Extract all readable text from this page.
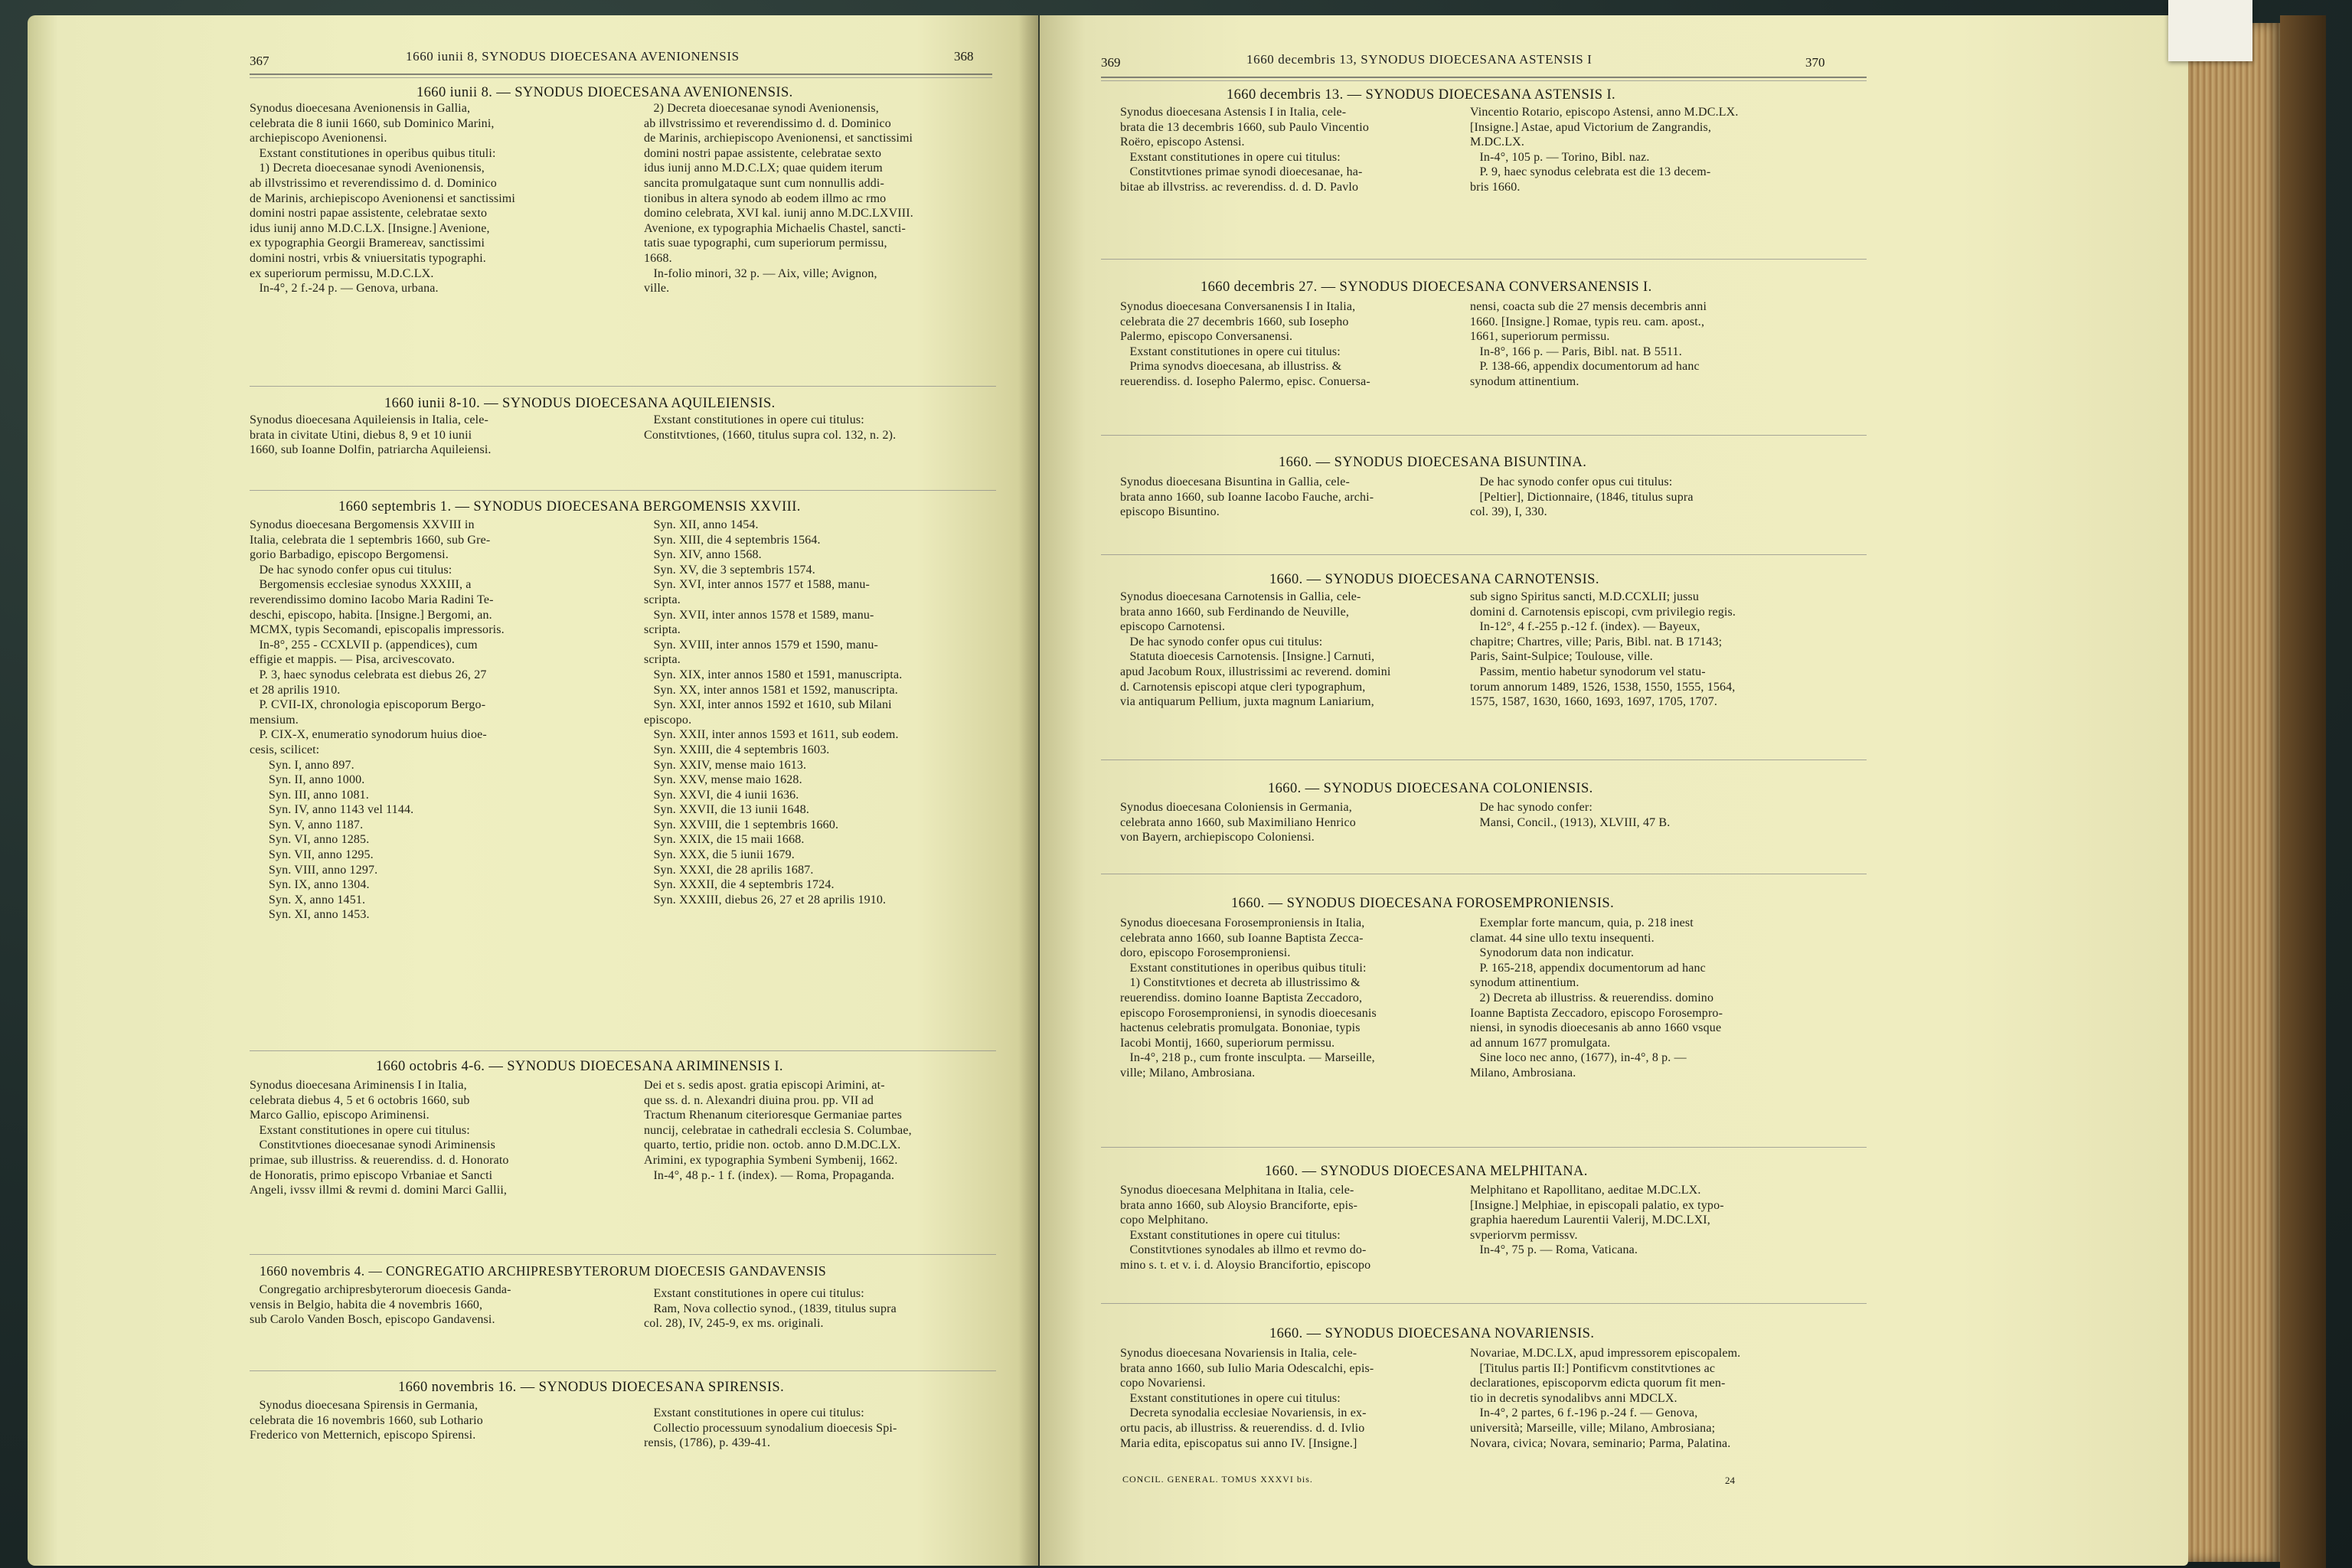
367	1660 iunii 8, SYNODUS DIOECESANA AVENIONENSIS	368
1660 iunii 8. — SYNODUS DIOECESANA AVENIONENSIS.
Synodus dioecesana Avenionensis in Gallia,
celebrata die 8 iunii 1660, sub Dominico Marini,
archiepiscopo Avenionensi.
Exstant constitutiones in operibus quibus tituli:
1) Decreta dioecesanae synodi Avenionensis,
ab illvstrissimo et reverendissimo d. d. Dominico
de Marinis, archiepiscopo Avenionensi et sanctissimi
domini nostri papae assistente, celebratae sexto
idus iunij anno M.D.C.LX. [Insigne.] Avenione,
ex typographia Georgii Bramereav, sanctissimi
domini nostri, vrbis & vniuersitatis typographi.
ex superiorum permissu, M.D.C.LX.
In-4°, 2 f.-24 p. — Genova, urbana.
2) Decreta dioecesanae synodi Avenionensis,
ab illvstrissimo et reverendissimo d. d. Dominico
de Marinis, archiepiscopo Avenionensi, et sanctissimi
domini nostri papae assistente, celebratae sexto
idus iunij anno M.D.C.LX; quae quidem iterum
sancita promulgataque sunt cum nonnullis addi-
tionibus in altera synodo ab eodem illmo ac rmo
domino celebrata, XVI kal. iunij anno M.DC.LXVIII.
Avenione, ex typographia Michaelis Chastel, sancti-
tatis suae typographi, cum superiorum permissu,
1668.
In-folio minori, 32 p. — Aix, ville; Avignon,
ville.
1660 iunii 8-10. — SYNODUS DIOECESANA AQUILEIENSIS.
Synodus dioecesana Aquileiensis in Italia, cele-
brata in civitate Utini, diebus 8, 9 et 10 iunii
1660, sub Ioanne Dolfin, patriarcha Aquileiensi.
Exstant constitutiones in opere cui titulus:
Constitvtiones, (1660, titulus supra col. 132, n. 2).
1660 septembris 1. — SYNODUS DIOECESANA BERGOMENSIS XXVIII.
Synodus dioecesana Bergomensis XXVIII in
Italia, celebrata die 1 septembris 1660, sub Gre-
gorio Barbadigo, episcopo Bergomensi.
De hac synodo confer opus cui titulus:
Bergomensis ecclesiae synodus XXXIII, a
reverendissimo domino Iacobo Maria Radini Te-
deschi, episcopo, habita. [Insigne.] Bergomi, an.
MCMX, typis Secomandi, episcopalis impressoris.
In-8°, 255 - CCXLVII p. (appendices), cum
effigie et mappis. — Pisa, arcivescovato.
P. 3, haec synodus celebrata est diebus 26, 27
et 28 aprilis 1910.
P. CVII-IX, chronologia episcoporum Bergo-
mensium.
P. CIX-X, enumeratio synodorum huius dioe-
cesis, scilicet:
Syn. I, anno 897.
Syn. II, anno 1000.
Syn. III, anno 1081.
Syn. IV, anno 1143 vel 1144.
Syn. V, anno 1187.
Syn. VI, anno 1285.
Syn. VII, anno 1295.
Syn. VIII, anno 1297.
Syn. IX, anno 1304.
Syn. X, anno 1451.
Syn. XI, anno 1453.
Syn. XII, anno 1454.
Syn. XIII, die 4 septembris 1564.
Syn. XIV, anno 1568.
Syn. XV, die 3 septembris 1574.
Syn. XVI, inter annos 1577 et 1588, manu-
scripta.
Syn. XVII, inter annos 1578 et 1589, manu-
scripta.
Syn. XVIII, inter annos 1579 et 1590, manu-
scripta.
Syn. XIX, inter annos 1580 et 1591, manuscripta.
Syn. XX, inter annos 1581 et 1592, manuscripta.
Syn. XXI, inter annos 1592 et 1610, sub Milani
episcopo.
Syn. XXII, inter annos 1593 et 1611, sub eodem.
Syn. XXIII, die 4 septembris 1603.
Syn. XXIV, mense maio 1613.
Syn. XXV, mense maio 1628.
Syn. XXVI, die 4 iunii 1636.
Syn. XXVII, die 13 iunii 1648.
Syn. XXVIII, die 1 septembris 1660.
Syn. XXIX, die 15 maii 1668.
Syn. XXX, die 5 iunii 1679.
Syn. XXXI, die 28 aprilis 1687.
Syn. XXXII, die 4 septembris 1724.
Syn. XXXIII, diebus 26, 27 et 28 aprilis 1910.
1660 octobris 4-6. — SYNODUS DIOECESANA ARIMINENSIS I.
Synodus dioecesana Ariminensis I in Italia,
celebrata diebus 4, 5 et 6 octobris 1660, sub
Marco Gallio, episcopo Ariminensi.
Exstant constitutiones in opere cui titulus:
Constitvtiones dioecesanae synodi Ariminensis
primae, sub illustriss. & reuerendiss. d. d. Honorato
de Honoratis, primo episcopo Vrbaniae et Sancti
Angeli, ivssv illmi & revmi d. domini Marci Gallii,
Dei et s. sedis apost. gratia episcopi Arimini, at-
que ss. d. n. Alexandri diuina prou. pp. VII ad
Tractum Rhenanum citerioresque Germaniae partes
nuncij, celebratae in cathedrali ecclesia S. Columbae,
quarto, tertio, pridie non. octob. anno D.M.DC.LX.
Arimini, ex typographia Symbeni Symbenij, 1662.
In-4°, 48 p.- 1 f. (index). — Roma, Propaganda.
1660 novembris 4. — CONGREGATIO ARCHIPRESBYTERORUM DIOECESIS GANDAVENSIS
Congregatio archipresbyterorum dioecesis Ganda-
vensis in Belgio, habita die 4 novembris 1660,
sub Carolo Vanden Bosch, episcopo Gandavensi.
Exstant constitutiones in opere cui titulus:
Ram, Nova collectio synod., (1839, titulus supra
col. 28), IV, 245-9, ex ms. originali.
1660 novembris 16. — SYNODUS DIOECESANA SPIRENSIS.
Synodus dioecesana Spirensis in Germania,
celebrata die 16 novembris 1660, sub Lothario
Frederico von Metternich, episcopo Spirensi.
Exstant constitutiones in opere cui titulus:
Collectio processuum synodalium dioecesis Spi-
rensis, (1786), p. 439-41.
369	1660 decembris 13, SYNODUS DIOECESANA ASTENSIS I	370
1660 decembris 13. — SYNODUS DIOECESANA ASTENSIS I.
Synodus dioecesana Astensis I in Italia, cele-
brata die 13 decembris 1660, sub Paulo Vincentio
Roëro, episcopo Astensi.
Exstant constitutiones in opere cui titulus:
Constitvtiones primae synodi dioecesanae, ha-
bitae ab illvstriss. ac reverendiss. d. d. D. Pavlo
Vincentio Rotario, episcopo Astensi, anno M.DC.LX.
[Insigne.] Astae, apud Victorium de Zangrandis,
M.DC.LX.
In-4°, 105 p. — Torino, Bibl. naz.
P. 9, haec synodus celebrata est die 13 decem-
bris 1660.
1660 decembris 27. — SYNODUS DIOECESANA CONVERSANENSIS I.
Synodus dioecesana Conversanensis I in Italia,
celebrata die 27 decembris 1660, sub Iosepho
Palermo, episcopo Conversanensi.
Exstant constitutiones in opere cui titulus:
Prima synodvs dioecesana, ab illustriss. &
reuerendiss. d. Iosepho Palermo, episc. Conuersa-
nensi, coacta sub die 27 mensis decembris anni
1660. [Insigne.] Romae, typis reu. cam. apost.,
1661, superiorum permissu.
In-8°, 166 p. — Paris, Bibl. nat. B 5511.
P. 138-66, appendix documentorum ad hanc
synodum attinentium.
1660. — SYNODUS DIOECESANA BISUNTINA.
Synodus dioecesana Bisuntina in Gallia, cele-
brata anno 1660, sub Ioanne Iacobo Fauche, archi-
episcopo Bisuntino.
De hac synodo confer opus cui titulus:
[Peltier], Dictionnaire, (1846, titulus supra
col. 39), I, 330.
1660. — SYNODUS DIOECESANA CARNOTENSIS.
Synodus dioecesana Carnotensis in Gallia, cele-
brata anno 1660, sub Ferdinando de Neuville,
episcopo Carnotensi.
De hac synodo confer opus cui titulus:
Statuta dioecesis Carnotensis. [Insigne.] Carnuti,
apud Jacobum Roux, illustrissimi ac reverend. domini
d. Carnotensis episcopi atque cleri typographum,
via antiquarum Pellium, juxta magnum Laniarium,
sub signo Spiritus sancti, M.D.CCXLII; jussu
domini d. Carnotensis episcopi, cvm privilegio regis.
In-12°, 4 f.-255 p.-12 f. (index). — Bayeux,
chapitre; Chartres, ville; Paris, Bibl. nat. B 17143;
Paris, Saint-Sulpice; Toulouse, ville.
Passim, mentio habetur synodorum vel statu-
torum annorum 1489, 1526, 1538, 1550, 1555, 1564,
1575, 1587, 1630, 1660, 1693, 1697, 1705, 1707.
1660. — SYNODUS DIOECESANA COLONIENSIS.
Synodus dioecesana Coloniensis in Germania,
celebrata anno 1660, sub Maximiliano Henrico
von Bayern, archiepiscopo Coloniensi.
De hac synodo confer:
Mansi, Concil., (1913), XLVIII, 47 B.
1660. — SYNODUS DIOECESANA FOROSEMPRONIENSIS.
Synodus dioecesana Forosemproniensis in Italia,
celebrata anno 1660, sub Ioanne Baptista Zecca-
doro, episcopo Forosemproniensi.
Exstant constitutiones in operibus quibus tituli:
1) Constitvtiones et decreta ab illustrissimo &
reuerendiss. domino Ioanne Baptista Zeccadoro,
episcopo Forosemproniensi, in synodis dioecesanis
hactenus celebratis promulgata. Bononiae, typis
Iacobi Montij, 1660, superiorum permissu.
In-4°, 218 p., cum fronte insculpta. — Marseille,
ville; Milano, Ambrosiana.
Exemplar forte mancum, quia, p. 218 inest
clamat. 44 sine ullo textu insequenti.
Synodorum data non indicatur.
P. 165-218, appendix documentorum ad hanc
synodum attinentium.
2) Decreta ab illustriss. & reuerendiss. domino
Ioanne Baptista Zeccadoro, episcopo Forosempro-
niensi, in synodis dioecesanis ab anno 1660 vsque
ad annum 1677 promulgata.
Sine loco nec anno, (1677), in-4°, 8 p. —
Milano, Ambrosiana.
1660. — SYNODUS DIOECESANA MELPHITANA.
Synodus dioecesana Melphitana in Italia, cele-
brata anno 1660, sub Aloysio Branciforte, epis-
copo Melphitano.
Exstant constitutiones in opere cui titulus:
Constitvtiones synodales ab illmo et revmo do-
mino s. t. et v. i. d. Aloysio Brancifortio, episcopo
Melphitano et Rapollitano, aeditae M.DC.LX.
[Insigne.] Melphiae, in episcopali palatio, ex typo-
graphia haeredum Laurentii Valerij, M.DC.LXI,
svperiorvm permissv.
In-4°, 75 p. — Roma, Vaticana.
1660. — SYNODUS DIOECESANA NOVARIENSIS.
Synodus dioecesana Novariensis in Italia, cele-
brata anno 1660, sub Iulio Maria Odescalchi, epis-
copo Novariensi.
Exstant constitutiones in opere cui titulus:
Decreta synodalia ecclesiae Novariensis, in ex-
ortu pacis, ab illustriss. & reuerendiss. d. d. Ivlio
Maria edita, episcopatus sui anno IV. [Insigne.]
Novariae, M.DC.LX, apud impressorem episcopalem.
[Titulus partis II:] Pontificvm constitvtiones ac
declarationes, episcoporvm edicta quorum fit men-
tio in decretis synodalibvs anni MDCLX.
In-4°, 2 partes, 6 f.-196 p.-24 f. — Genova,
università; Marseille, ville; Milano, Ambrosiana;
Novara, civica; Novara, seminario; Parma, Palatina.
CONCIL. GENERAL. TOMUS XXXVI bis.	24
